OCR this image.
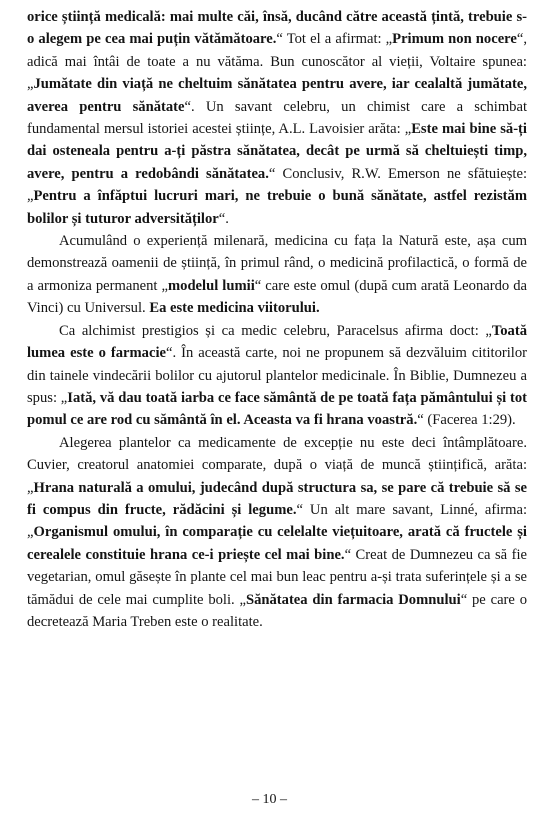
orice știință medicală: mai multe căi, însă, ducând către această țintă, trebuie s-o alegem pe cea mai puțin vătămătoare.“ Tot el a afirmat: „Primum non nocere“, adică mai întâi de toate a nu vătăma. Bun cunoscător al vieții, Voltaire spunea: „Jumătate din viață ne cheltuim sănătatea pentru avere, iar cealaltă jumătate, averea pentru sănătate“. Un savant celebru, un chimist care a schimbat fundamental mersul istoriei acestei științe, A.L. Lavoisier arăta: „Este mai bine să-ți dai osteneala pentru a-ți păstra sănătatea, decât pe urmă să cheltuiești timp, avere, pentru a redobândi sănătatea.“ Conclusiv, R.W. Emerson ne sfătuiește: „Pentru a înfăptui lucruri mari, ne trebuie o bună sănătate, astfel rezistăm bolilor și tuturor adversităților“.

Acumulând o experiență milenară, medicina cu fața la Natură este, așa cum demonstrează oamenii de știință, în primul rând, o medicină profilactică, o formă de a armoniza permanent „modelul lumii“ care este omul (după cum arată Leonardo da Vinci) cu Universul. Ea este medicina viitorului.

Ca alchimist prestigios și ca medic celebru, Paracelsus afirma doct: „Toată lumea este o farmacie“. În această carte, noi ne propunem să dezvăluim cititorilor din tainele vindecării bolilor cu ajutorul plantelor medicinale. În Biblie, Dumnezeu a spus: „Iată, vă dau toată iarba ce face sământă de pe toată fața pământului și tot pomul ce are rod cu sământă în el. Aceasta va fi hrana voastră.“ (Facerea 1:29).

Alegerea plantelor ca medicamente de excepție nu este deci întâmplătoare. Cuvier, creatorul anatomiei comparate, după o viață de muncă științifică, arăta: „Hrana naturală a omului, judecând după structura sa, se pare că trebuie să se fi compus din fructe, rădăcini și legume.“ Un alt mare savant, Linné, afirma: „Organismul omului, în comparație cu celelalte viețuitoare, arată că fructele și cerealele constituie hrana ce-i priește cel mai bine.“ Creat de Dumnezeu ca să fie vegetarian, omul găsește în plante cel mai bun leac pentru a-și trata suferințele și a se tămădui de cele mai cumplite boli. „Sănătatea din farmacia Domnului“ pe care o decretează Maria Treben este o realitate.

– 10 –
